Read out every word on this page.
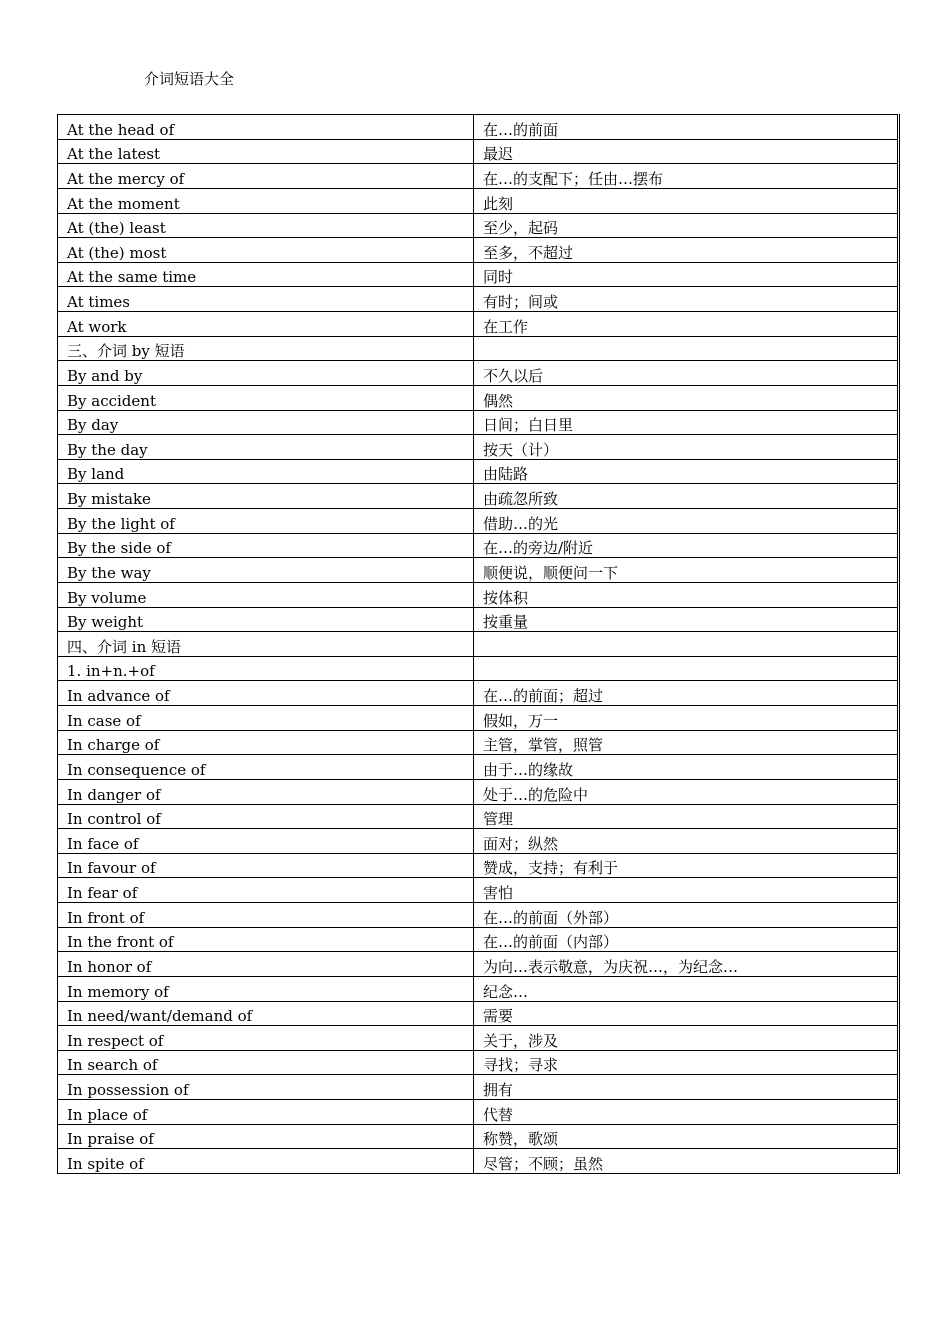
介词短语大全
At the head of	在…的前面
At the latest	最迟
At the mercy of	在…的支配下；任由…摆布
At the moment	此刻
At (the) least	至少，起码
At (the) most	至多，不超过
At the same time	同时
At times	有时；间或
At work	在工作
三、介词 by 短语	
By and by	不久以后
By accident	偶然
By day	日间；白日里
By the day	按天（计）
By land	由陆路
By mistake	由疏忽所致
By the light of	借助…的光
By the side of	在…的旁边/附近
By the way	顺便说，顺便问一下
By volume	按体积
By weight	按重量
四、介词 in 短语	
1. in+n.+of	
In advance of	在…的前面；超过
In case of	假如，万一
In charge of	主管，掌管，照管
In consequence of	由于…的缘故
In danger of	处于…的危险中
In control of	管理
In face of	面对；纵然
In favour of	赞成，支持；有利于
In fear of	害怕
In front of	在…的前面（外部）
In the front of	在…的前面（内部）
In honor of	为向…表示敬意，为庆祝…，为纪念…
In memory of	纪念…
In need/want/demand of	需要
In respect of	关于，涉及
In search of	寻找；寻求
In possession of	拥有
In place of	代替
In praise of	称赞，歌颂
In spite of	尽管；不顾；虽然
